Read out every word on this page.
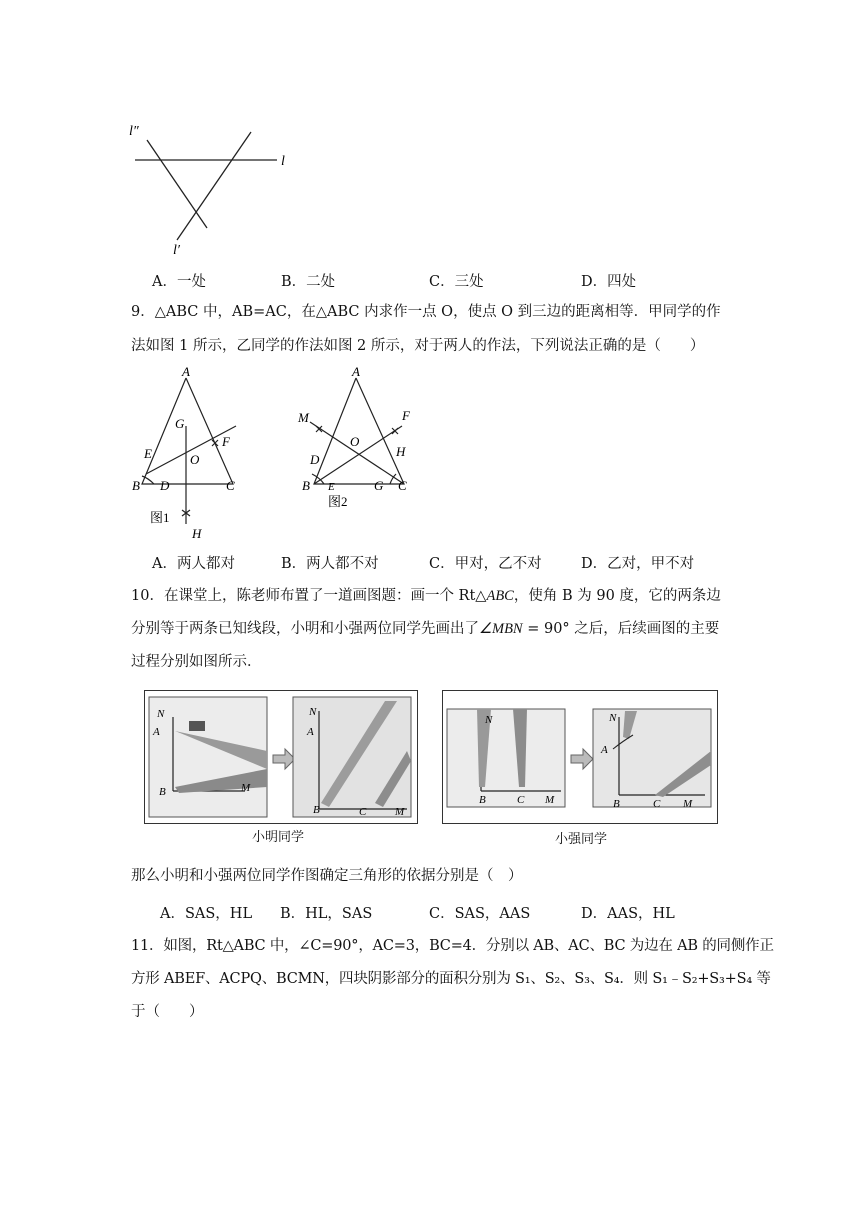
l″
l
l′
A．一处	B．二处	C．三处	D．四处
9．△ABC 中，AB=AC，在△ABC 内求作一点 O，使点 O 到三边的距离相等．甲同学的作
法如图 1 所示，乙同学的作法如图 2 所示，对于两人的作法，下列说法正确的是（　　）
A
G
E
F
O
B D	C
H
图1
A
M	F
O
D
H
B E	G C
图2
A．两人都对	B．两人都不对	C．甲对，乙不对	D．乙对，甲不对
10．在课堂上，陈老师布置了一道画图题：画一个 Rt△ABC，使角 B 为 90 度，它的两条边
分别等于两条已知线段，小明和小强两位同学先画出了∠MBN = 90° 之后，后续画图的主要
过程分别如图所示．
N
A
B	M
N
A
B	C	M
小明同学
N
B	C M
N
A
B	C M
小强同学
那么小明和小强两位同学作图确定三角形的依据分别是（　）
A．SAS，HL B．HL，SAS	C．SAS，AAS	D．AAS，HL
11．如图，Rt△ABC 中，∠C=90°，AC=3，BC=4．分别以 AB、AC、BC 为边在 AB 的同侧作正
方形 ABEF、ACPQ、BCMN，四块阴影部分的面积分别为 S₁、S₂、S₃、S₄．则 S₁﹣S₂+S₃+S₄ 等
于（　　）
